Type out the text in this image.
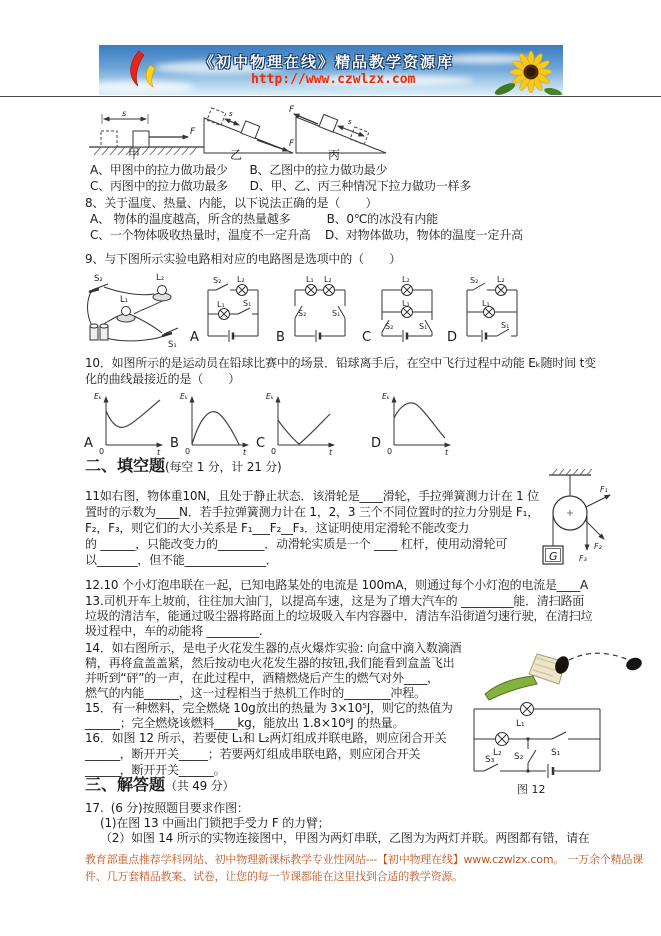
《初中物理在线》精品教学资源库
http://www.czwlzx.com
F
s	s
F
s
F
甲	乙	丙
A、甲图中的拉力做功最少      B、乙图中的拉力做功最少
C、丙图中的拉力做功最多      D、甲、乙、丙三种情况下拉力做功一样多
8、关于温度、热量、内能，以下说法正确的是（       ）
A、 物体的温度越高，所含的热量越多          B、0℃的冰没有内能
C、一个物体吸收热量时，温度不一定升高    D、对物体做功，物体的温度一定升高
9、与下图所示实验电路相对应的电路图是选项中的（       ）
S₂	L₂
L₁
S₁
S₂ L₂
L₁ S₁
L₁ L₂
S₂	S₁
L₂
L₁
S₂	S₁
S₂ L₂
L₁
S₁
A	B	C	D
10．如图所示的是运动员在铅球比赛中的场景．铅球离手后，在空中飞行过程中动能 Eₖ随时间 t变
化的曲线最接近的是（       ）
Eₖ
0	t
Eₖ
0	t
Eₖ
0	t
Eₖ
0	t
A	B	C	D
二、填空题(每空 1 分，计 21 分)
11如右图，物体重10N，且处于静止状态．该滑轮是____滑轮，手拉弹簧测力计在 1 位
置时的示数为____N．若手拉弹簧测力计在 1，2，3 三个不同位置时的拉力分别是 F₁，
F₂，F₃，则它们的大小关系是 F₁___F₂__F₃．这证明使用定滑轮不能改变力
的 ______，只能改变力的________．动滑轮实质是一个 ____ 杠杆，使用动滑轮可
以_______，但不能______________．	G
F₁
F₂
F₃
12.10 个小灯泡串联在一起，已知电路某处的电流是 100mA，则通过每个小灯泡的电流是____A
13.司机开车上坡前，往往加大油门，以提高车速，这是为了增大汽车的 _________能．清扫路面
垃圾的清洁车，能通过吸尘器将路面上的垃圾吸入车内容器中．清洁车沿街道匀速行驶，在清扫垃
圾过程中，车的动能将 _________.
14．如右图所示，是电子火花发生器的点火爆炸实验: 向盒中滴入数滴酒
精，再将盒盖盖紧，然后按动电火花发生器的按钮,我们能看到盒盖飞出
并听到“砰”的一声，在此过程中，酒精燃烧后产生的燃气对外____，
燃气的内能______，这一过程相当于热机工作时的________冲程。
15．有一种燃料，完全燃烧 10g放出的热量为 3×10⁵J，则它的热值为
______；完全燃烧该燃料____kg，能放出 1.8×10⁸J 的热量。
16．如图 12 所示，若要使 L₁和 L₂两灯组成并联电路，则应闭合开关
______，断开开关_____；若要两灯组成串联电路，则应闭合开关
______，断开开关______。
L₁
L₂ S₂	S₁
S₃
图 12
三、解答题（共 49 分）
17.  (6 分)按照题目要求作图：
(1)在图 13 中画出门锁把手受力 F 的力臂；
（2）如图 14 所示的实物连接图中，甲图为两灯串联，乙图为为两灯并联。两图都有错，请在
教育部重点推荐学科网站、初中物理新课标教学专业性网站---【初中物理在线】www.czwlzx.com。 一万余个精品课
件、几万套精品教案、试卷，让您的每一节课都能在这里找到合适的教学资源。
